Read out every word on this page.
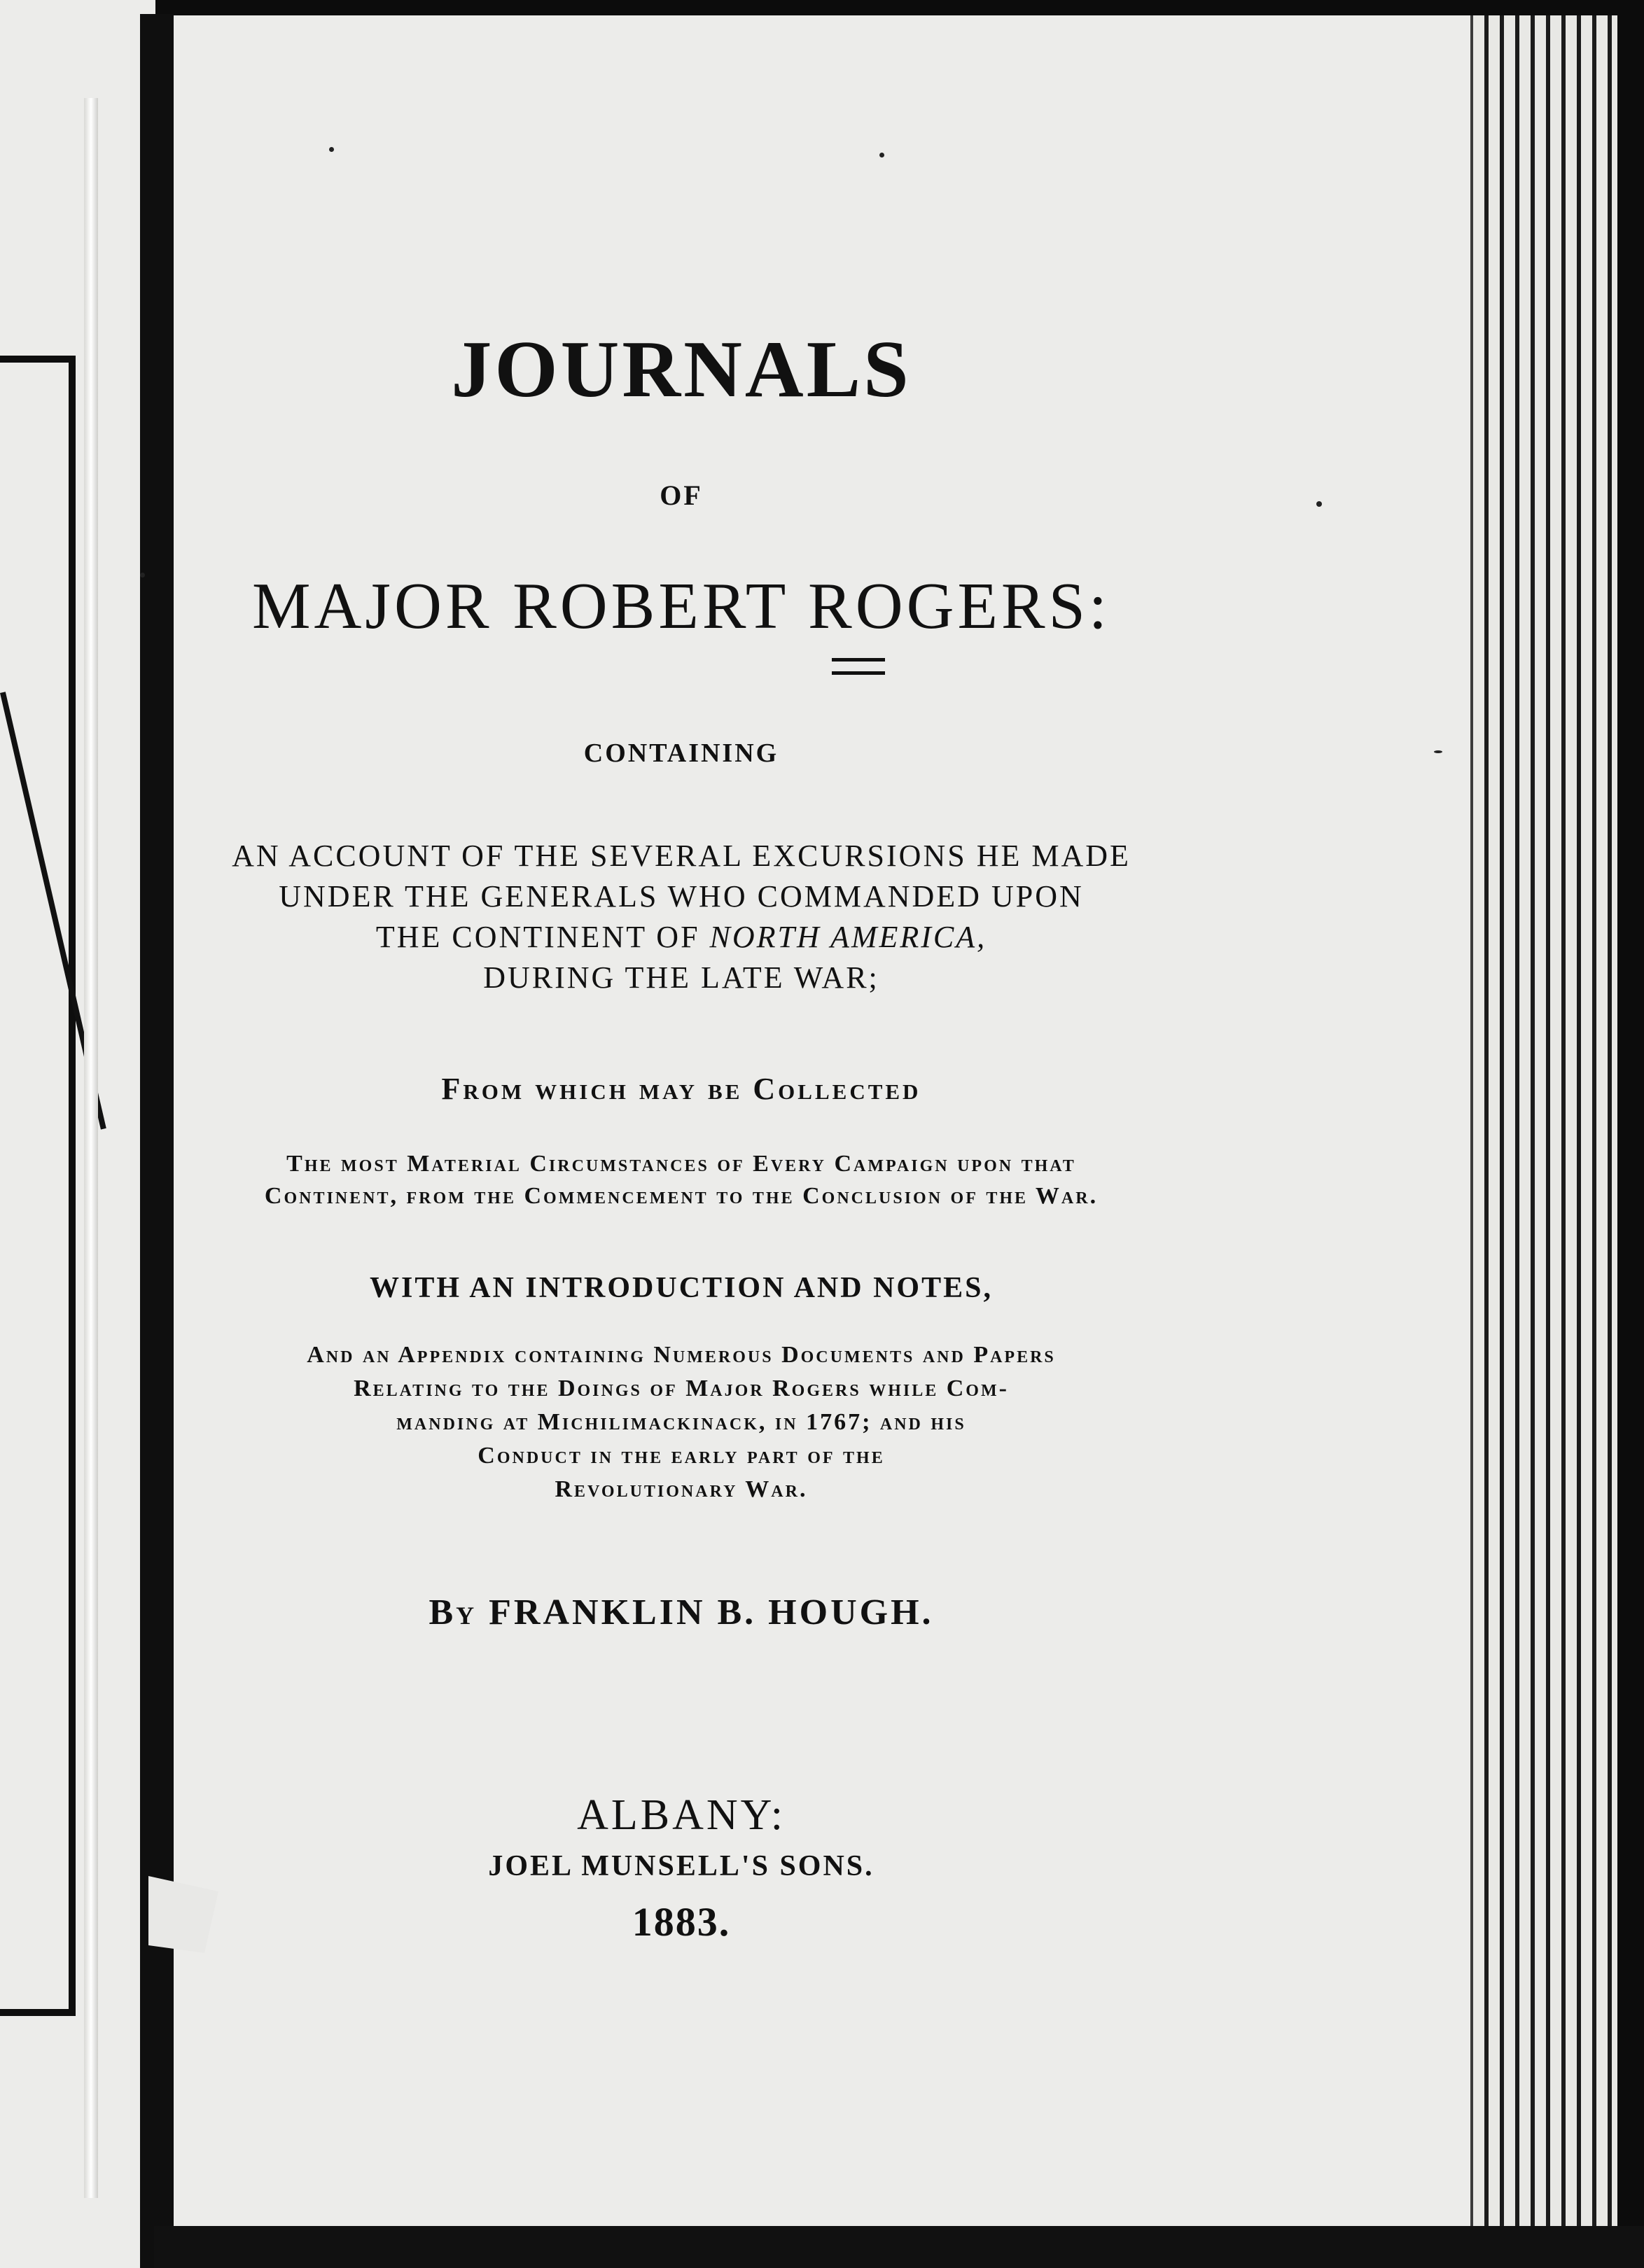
JOURNALS
OF
MAJOR ROBERT ROGERS:
CONTAINING
AN ACCOUNT OF THE SEVERAL EXCURSIONS HE MADE
UNDER THE GENERALS WHO COMMANDED UPON
THE CONTINENT OF NORTH AMERICA,
DURING THE LATE WAR;
From which may be Collected
The most Material Circumstances of Every Campaign upon that
Continent, from the Commencement to the Conclusion of the War.
WITH AN INTRODUCTION AND NOTES,
And an Appendix containing Numerous Documents and Papers
Relating to the Doings of Major Rogers while Com-
manding at Michilimackinack, in 1767; and his
Conduct in the early part of the
Revolutionary War.
By FRANKLIN B. HOUGH.
ALBANY:
JOEL MUNSELL'S SONS.
1883.
